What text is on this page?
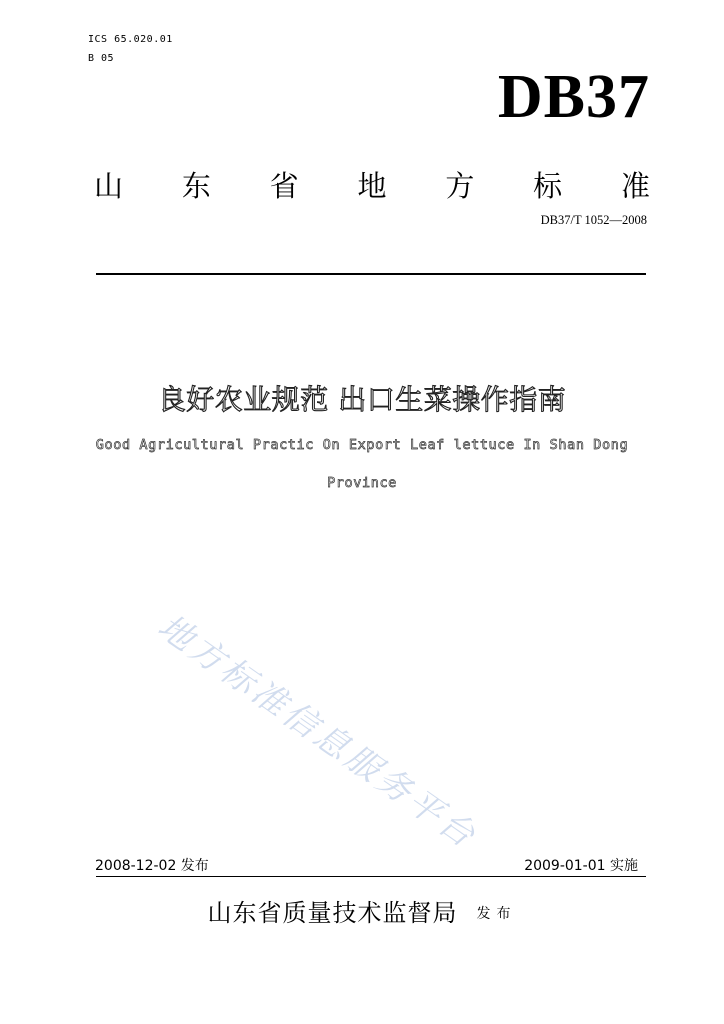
ICS 65.020.01
B 05
DB37
山 东 省 地 方 标 准
DB37/T 1052—2008
良好农业规范 出口生菜操作指南
Good Agricultural Practic On Export Leaf lettuce In Shan Dong
Province
地方标准信息服务平台
2008-12-02 发布	2009-01-01 实施
山东省质量技术监督局 发布
